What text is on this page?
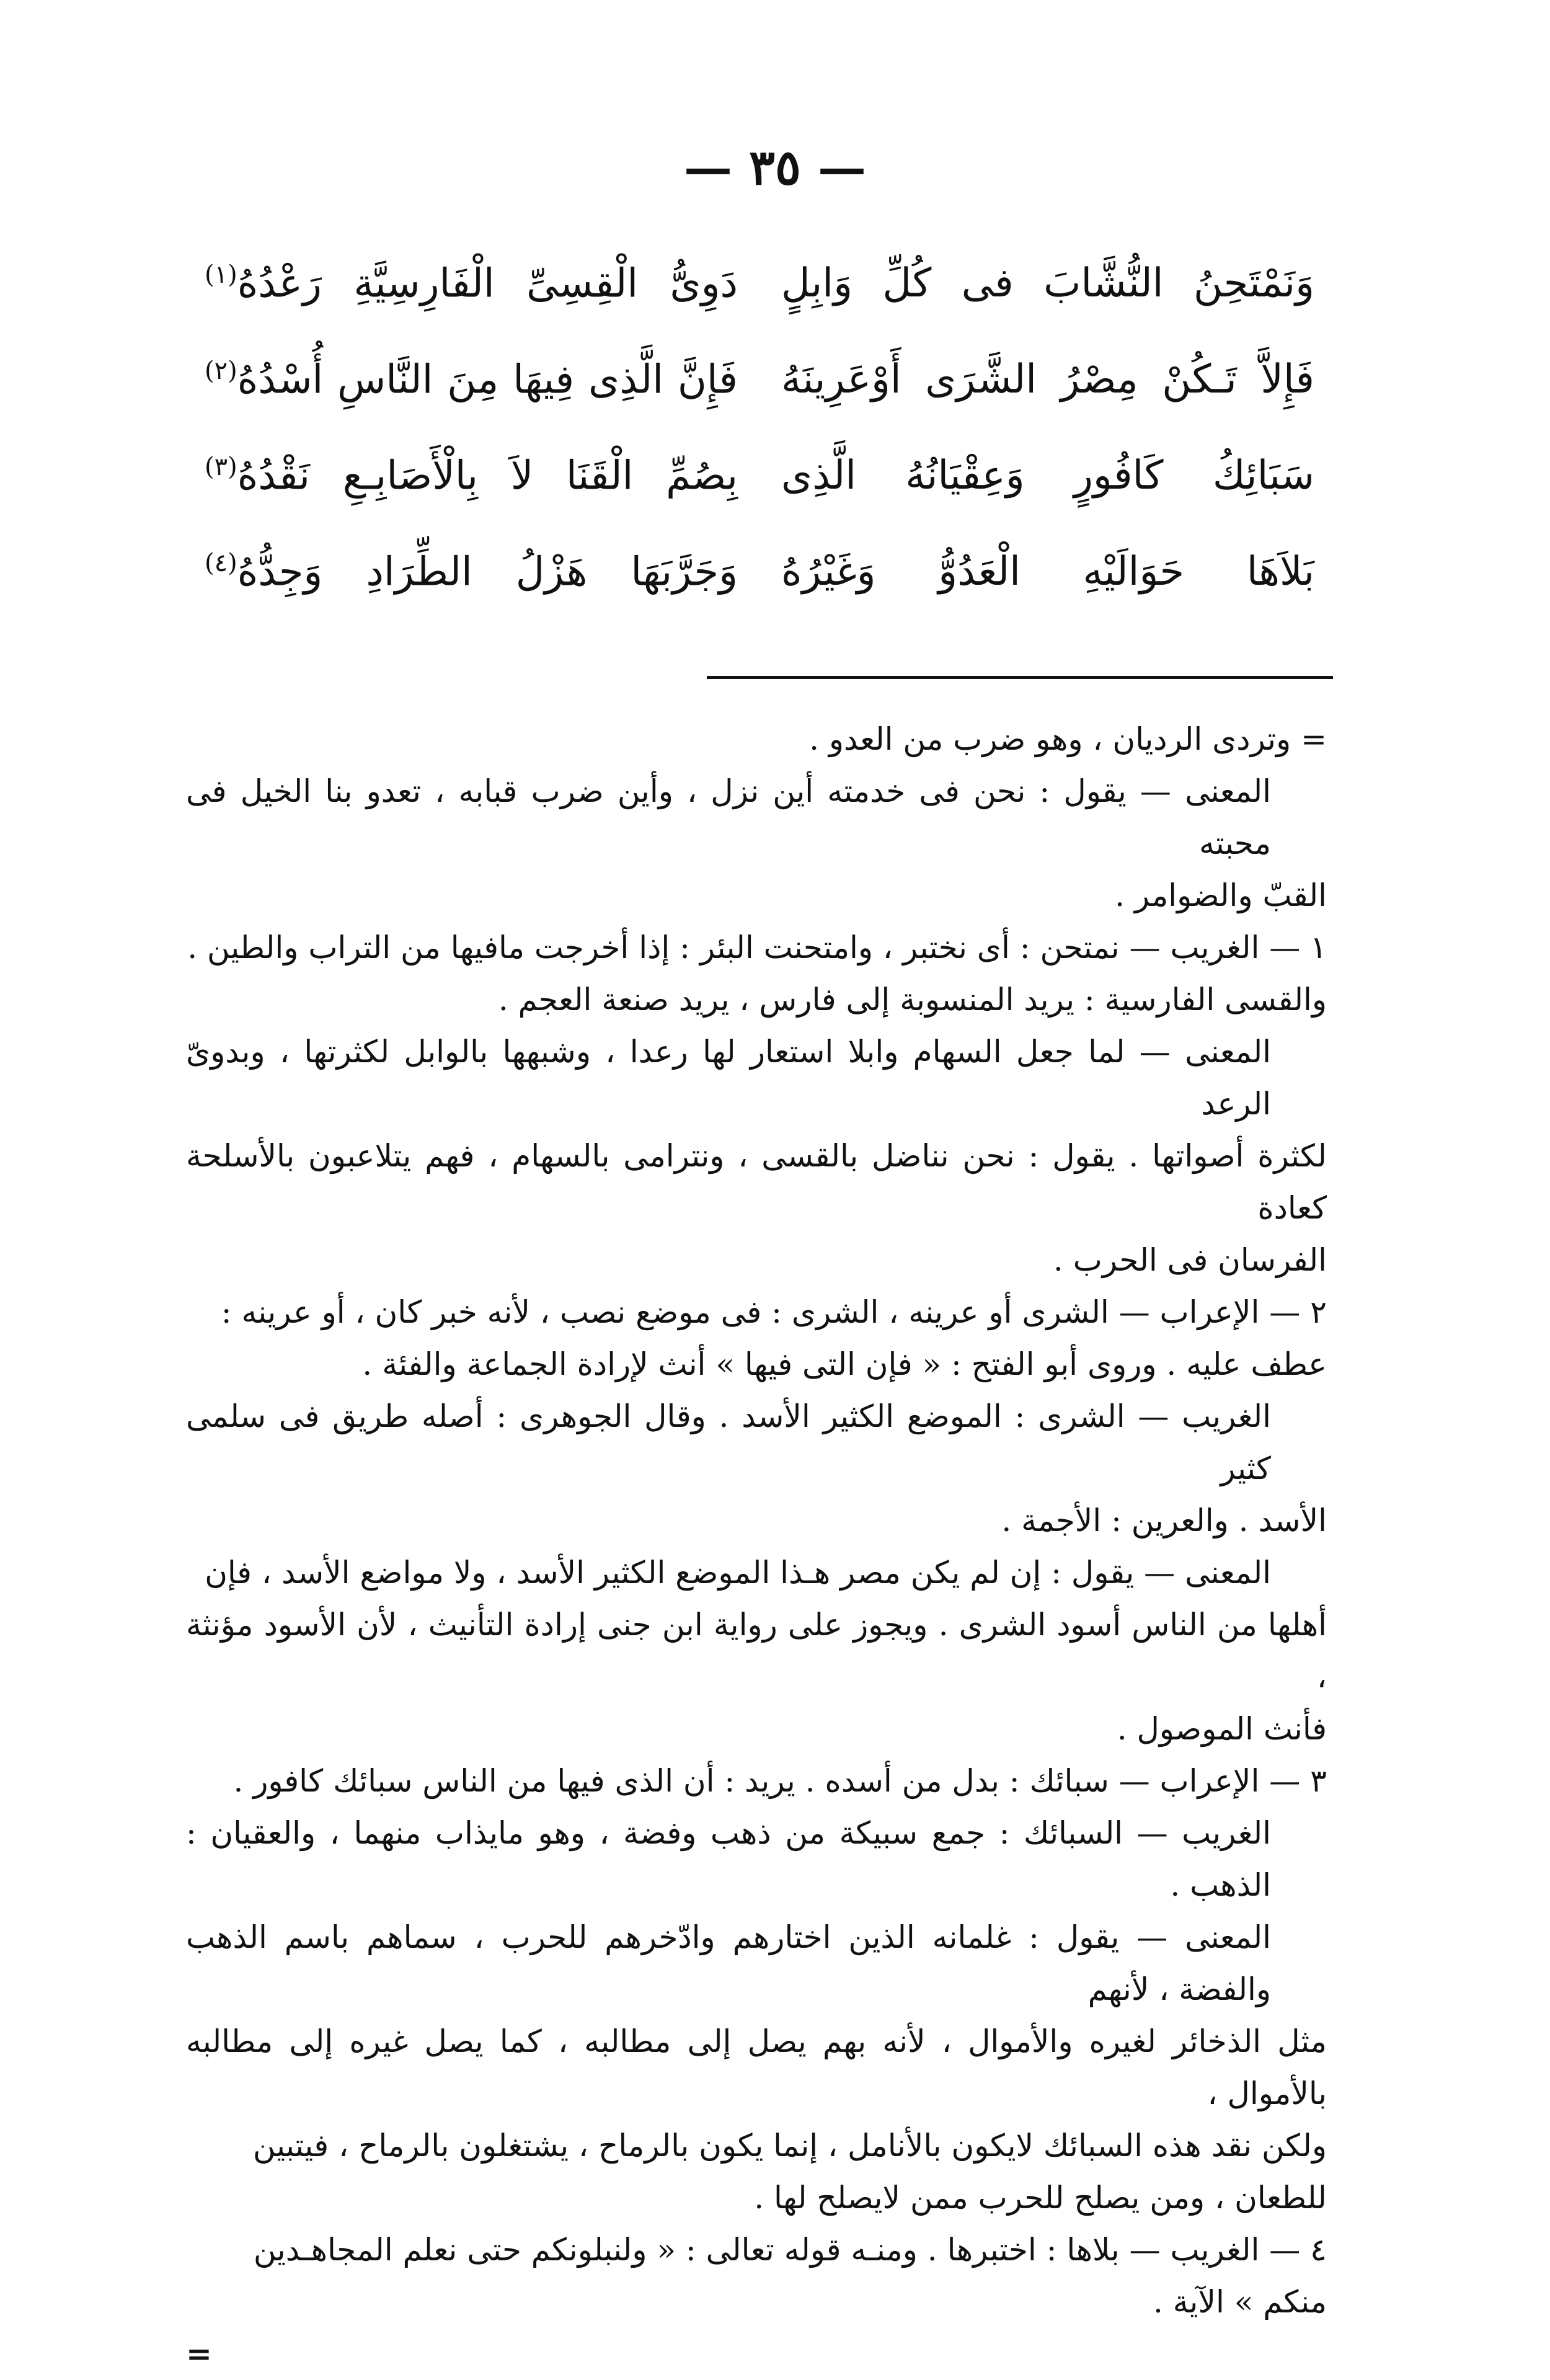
— ٣٥ —
وَنَمْتَحِنُ النُّشَّابَ فى كُلِّ وَابِلٍ
دَوِىُّ الْقِسِىِّ الْفَارِسِيَّةِ رَعْدُهُ$^{(١)}$
فَإِلاَّ تَـكُنْ مِصْرُ الشَّرَى أَوْعَرِينَهُ
فَإِنَّ الَّذِى فِيهَا مِنَ النَّاسِ أُسْدُهُ$^{(٢)}$
سَبَائِكُ كَافُورٍ وَعِقْيَانُهُ الَّذِى
بِصُمِّ الْقَنَا لاَ بِالْأَصَابِـعِ نَقْدُهُ$^{(٣)}$
بَلاَهَا حَوَالَيْهِ الْعَدُوُّ وَغَيْرُهُ
وَجَرَّبَهَا هَزْلُ الطِّرَادِ وَجِدُّهُ$^{(٤)}$

= وتردى الرديان ، وهو ضرب من العدو .

المعنى — يقول : نحن فى خدمته أين نزل ، وأين ضرب قبابه ، تعدو بنا الخيل فى محبته

القبّ والضوامر .

١ — الغريب — نمتحن : أى نختبر ، وامتحنت البئر : إذا أخرجت مافيها من التراب والطين .

والقسى الفارسية : يريد المنسوبة إلى فارس ، يريد صنعة العجم .

المعنى — لما جعل السهام وابلا استعار لها رعدا ، وشبهها بالوابل لكثرتها ، وبدوىّ الرعد

لكثرة أصواتها . يقول : نحن نناضل بالقسى ، ونترامى بالسهام ، فهم يتلاعبون بالأسلحة كعادة

الفرسان فى الحرب .

٢ — الإعراب — الشرى أو عرينه ، الشرى : فى موضع نصب ، لأنه خبر كان ، أو عرينه :

عطف عليه . وروى أبو الفتح : « فإن التى فيها » أنث لإرادة الجماعة والفئة .

الغريب — الشرى : الموضع الكثير الأسد . وقال الجوهرى : أصله طريق فى سلمى كثير

الأسد . والعرين : الأجمة .

المعنى — يقول : إن لم يكن مصر هـذا الموضع الكثير الأسد ، ولا مواضع الأسد ، فإن

أهلها من الناس أسود الشرى . ويجوز على رواية ابن جنى إرادة التأنيث ، لأن الأسود مؤنثة ،

فأنث الموصول .

٣ — الإعراب — سبائك : بدل من أسده . يريد : أن الذى فيها من الناس سبائك كافور .

الغريب — السبائك : جمع سبيكة من ذهب وفضة ، وهو مايذاب منهما ، والعقيان : الذهب .

المعنى — يقول : غلمانه الذين اختارهم وادّخرهم للحرب ، سماهم باسم الذهب والفضة ، لأنهم

مثل الذخائر لغيره والأموال ، لأنه بهم يصل إلى مطالبه ، كما يصل غيره إلى مطالبه بالأموال ،

ولكن نقد هذه السبائك لايكون بالأنامل ، إنما يكون بالرماح ، يشتغلون بالرماح ، فيتبين

للطعان ، ومن يصلح للحرب ممن لايصلح لها .

٤ — الغريب — بلاها : اختبرها . ومنـه قوله تعالى : « ولنبلونكم حتى نعلم المجاهـدين

منكم » الآية .

=
